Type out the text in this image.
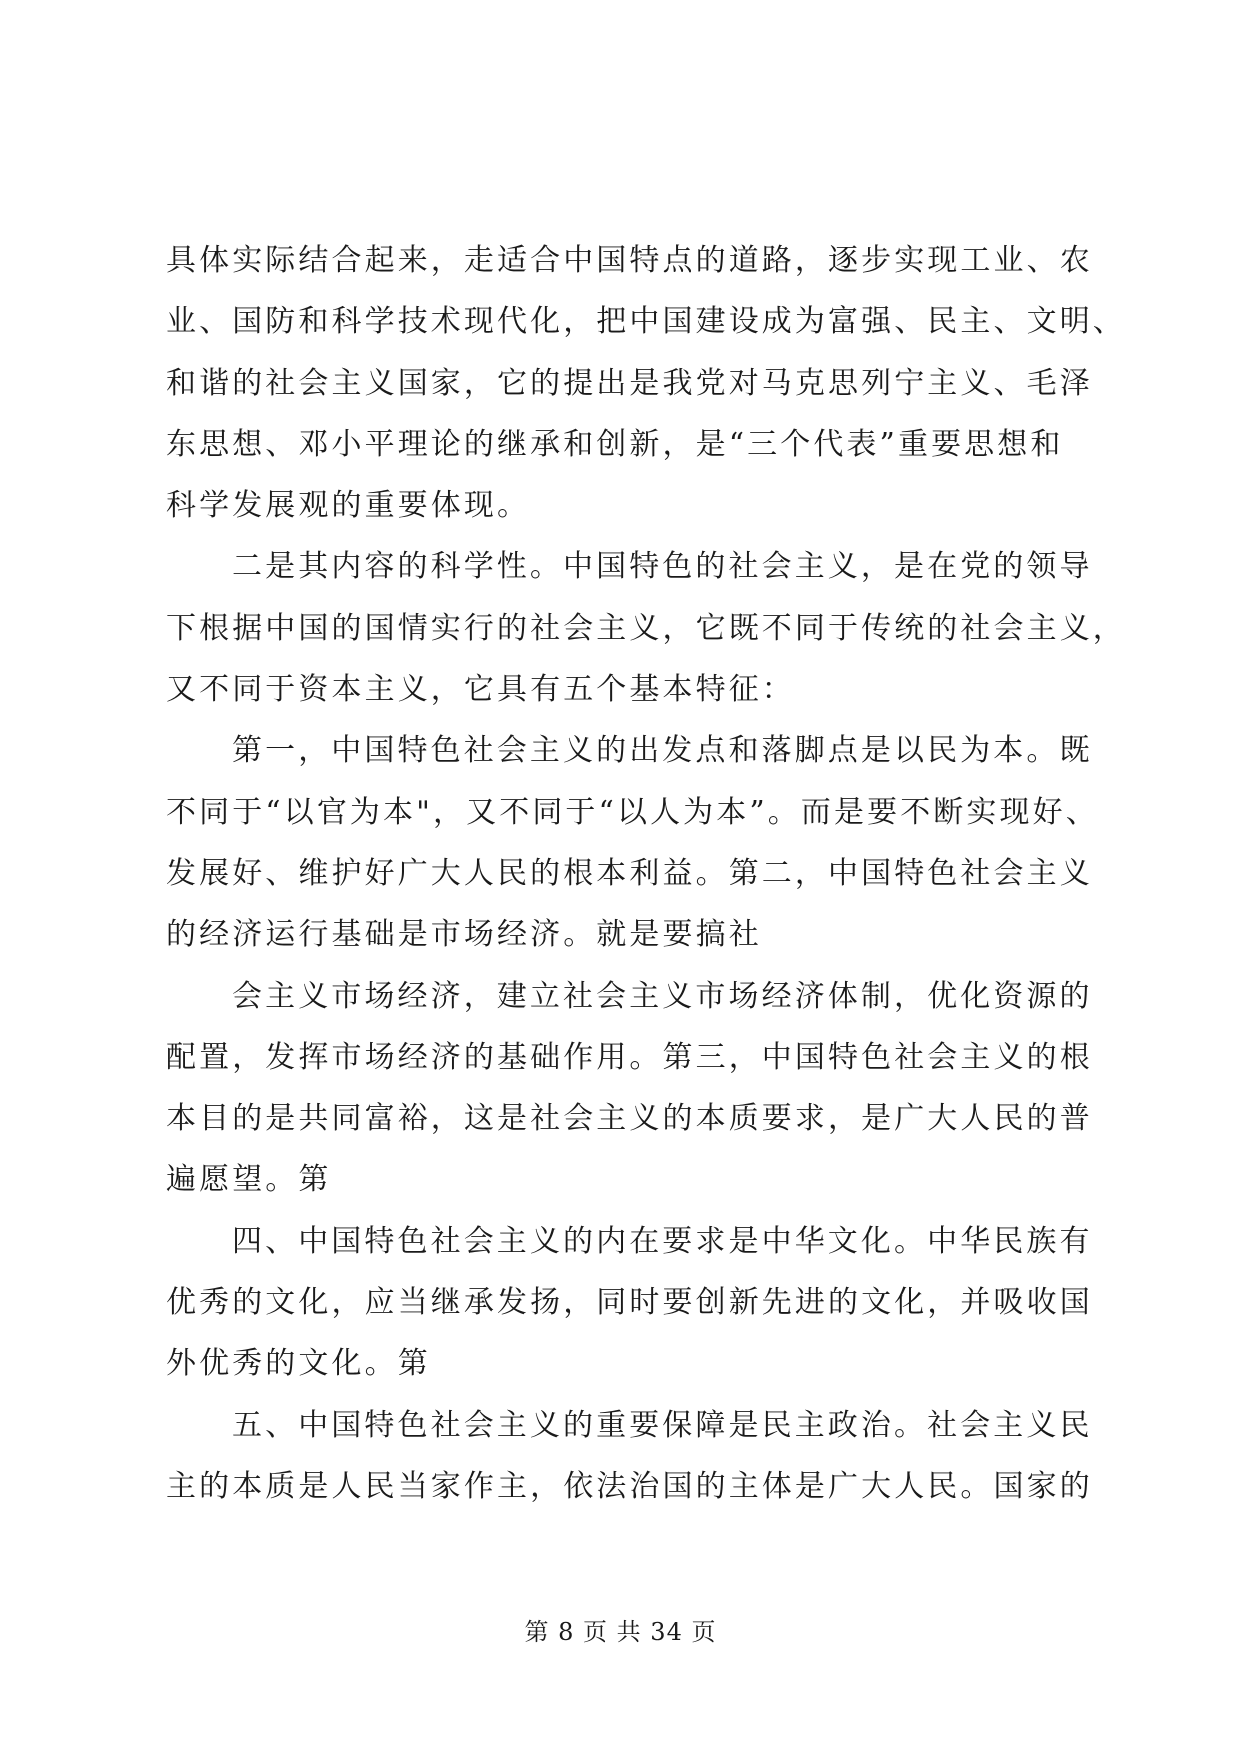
具体实际结合起来，走适合中国特点的道路，逐步实现工业、农
业、国防和科学技术现代化，把中国建设成为富强、民主、文明、
和谐的社会主义国家，它的提出是我党对马克思列宁主义、毛泽
东思想、邓小平理论的继承和创新，是“三个代表”重要思想和
科学发展观的重要体现。
二是其内容的科学性。中国特色的社会主义，是在党的领导
下根据中国的国情实行的社会主义，它既不同于传统的社会主义，
又不同于资本主义，它具有五个基本特征：
第一，中国特色社会主义的出发点和落脚点是以民为本。既
不同于“以官为本"，又不同于“以人为本”。而是要不断实现好、
发展好、维护好广大人民的根本利益。第二，中国特色社会主义
的经济运行基础是市场经济。就是要搞社
会主义市场经济，建立社会主义市场经济体制，优化资源的
配置，发挥市场经济的基础作用。第三，中国特色社会主义的根
本目的是共同富裕，这是社会主义的本质要求，是广大人民的普
遍愿望。第
四、中国特色社会主义的内在要求是中华文化。中华民族有
优秀的文化，应当继承发扬，同时要创新先进的文化，并吸收国
外优秀的文化。第
五、中国特色社会主义的重要保障是民主政治。社会主义民
主的本质是人民当家作主，依法治国的主体是广大人民。国家的
第 8 页 共 34 页
